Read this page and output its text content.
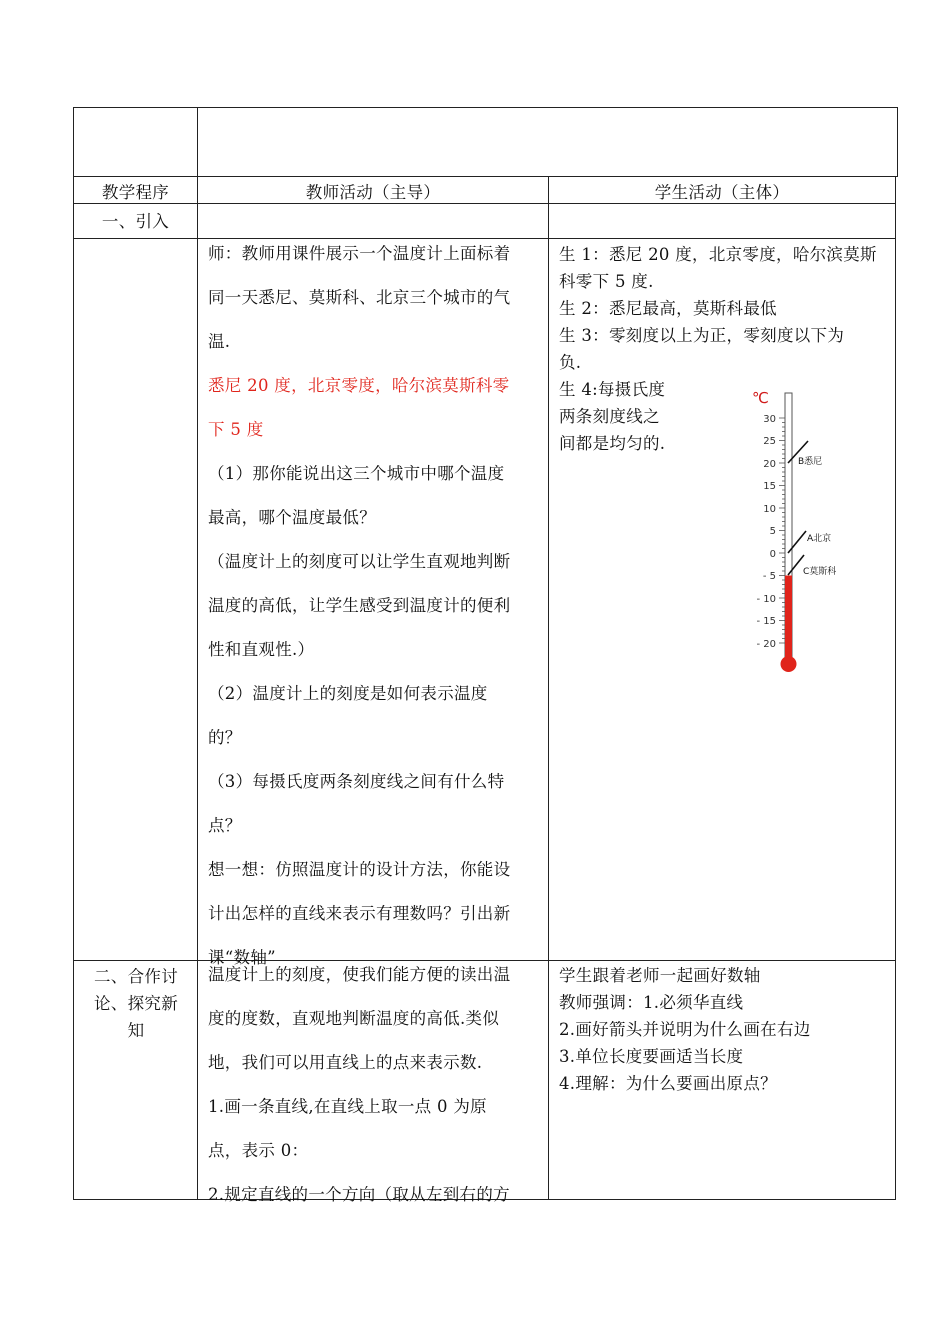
教学程序	教师活动（主导）	学生活动（主体）
一、引入

师：教师用课件展示一个温度计上面标着

同一天悉尼、莫斯科、北京三个城市的气

温.

悉尼 20 度，北京零度，哈尔滨莫斯科零

下 5 度

（1）那你能说出这三个城市中哪个温度

最高，哪个温度最低？

（温度计上的刻度可以让学生直观地判断

温度的高低，让学生感受到温度计的便利

性和直观性.）

（2）温度计上的刻度是如何表示温度

的？

（3）每摄氏度两条刻度线之间有什么特

点？

想一想：仿照温度计的设计方法，你能设

计出怎样的直线来表示有理数吗？引出新

课“数轴”

生 1：悉尼 20 度，北京零度，哈尔滨莫斯

科零下 5 度.

生 2：悉尼最高，莫斯科最低

生 3：零刻度以上为正，零刻度以下为

负.

生 4:每摄氏度

两条刻度线之

间都是均匀的.

℃
30
25
20
15
10
5
0
- 5
- 10
- 15
- 20
B悉尼
A北京
C莫斯科

二、合作讨

论、探究新

知

温度计上的刻度，使我们能方便的读出温

度的度数，直观地判断温度的高低.类似

地，我们可以用直线上的点来表示数.

1.画一条直线,在直线上取一点 0 为原

点，表示 0：

2.规定直线的一个方向（取从左到右的方

学生跟着老师一起画好数轴

教师强调：1.必须华直线

2.画好箭头并说明为什么画在右边

3.单位长度要画适当长度

4.理解：为什么要画出原点？
